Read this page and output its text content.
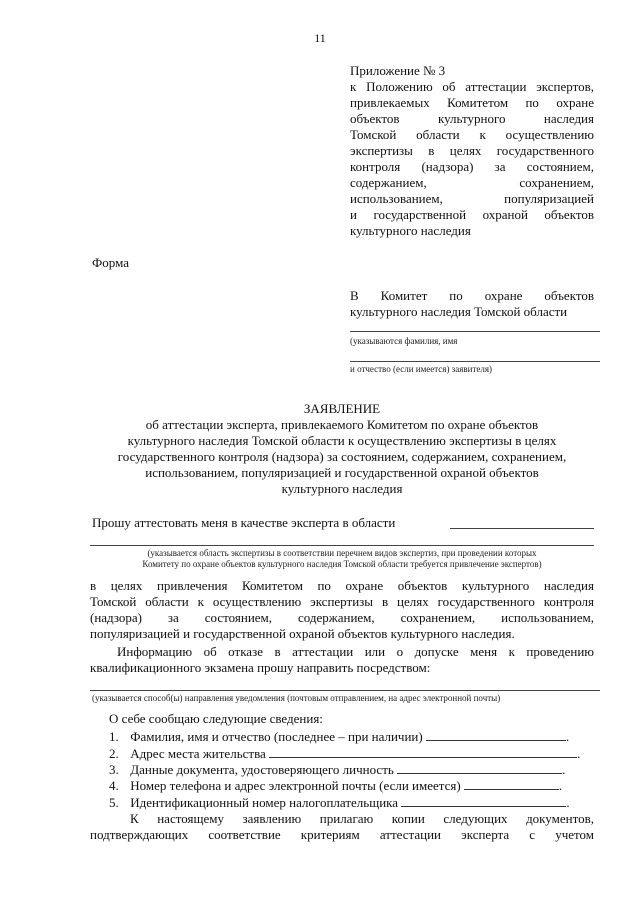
11
Приложение № 3
к Положению об аттестации экспертов,
привлекаемых Комитетом по охране
объектов культурного наследия
Томской области к осуществлению
экспертизы в целях государственного
контроля (надзора) за состоянием,
содержанием, сохранением,
использованием, популяризацией
и государственной охраной объектов
культурного наследия
Форма
В Комитет по охране объектов
культурного наследия Томской области
(указываются фамилия, имя
и отчество (если имеется) заявителя)
ЗАЯВЛЕНИЕ
об аттестации эксперта, привлекаемого Комитетом по охране объектов
культурного наследия Томской области к осуществлению экспертизы в целях
государственного контроля (надзора) за состоянием, содержанием, сохранением,
использованием, популяризацией и государственной охраной объектов
культурного наследия
Прошу аттестовать меня в качестве эксперта в области
(указывается область экспертизы в соответствии перечнем видов экспертиз, при проведении которых
Комитету по охране объектов культурного наследия Томской области требуется привлечение экспертов)
в целях привлечения Комитетом по охране объектов культурного наследия
Томской области к осуществлению экспертизы в целях государственного контроля
(надзора) за состоянием, содержанием, сохранением, использованием,
популяризацией и государственной охраной объектов культурного наследия.
Информацию об отказе в аттестации или о допуске меня к проведению
квалификационного экзамена прошу направить посредством:
(указывается способ(ы) направления уведомления (почтовым отправлением, на адрес электронной почты)
О себе сообщаю следующие сведения:
1. Фамилия, имя и отчество (последнее – при наличии)	.
2. Адрес места жительства	.
3. Данные документа, удостоверяющего личность	.
4. Номер телефона и адрес электронной почты (если имеется)	.
5. Идентификационный номер налогоплательщика	.
К настоящему заявлению прилагаю копии следующих документов,
подтверждающих соответствие критериям аттестации эксперта с учетом
